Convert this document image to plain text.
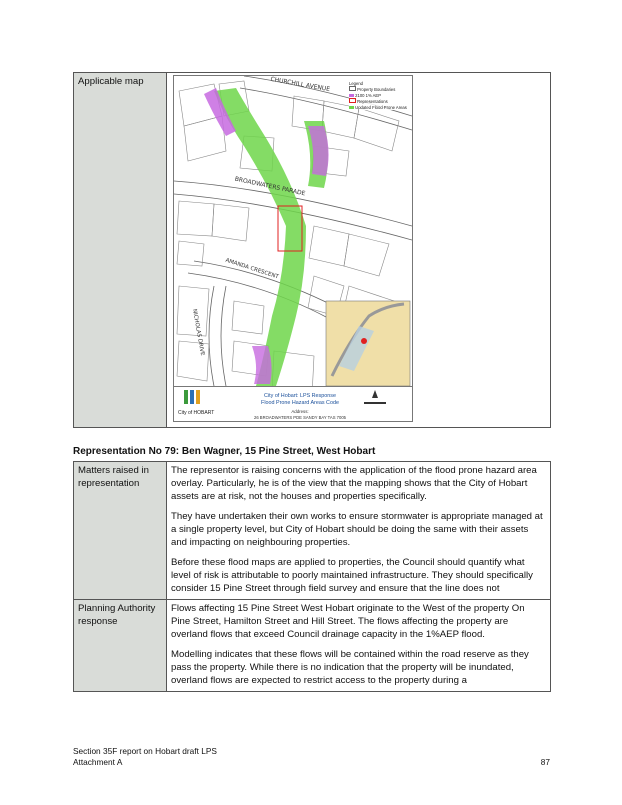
Applicable map	CHURCHILL AVENUE
BROADWATERS PARADE
AMANDA CRESCENT
NICHOLAS DRIVE
Legend
Property Boundaries
2100 1% AEP
Representations
Updated Flood Prone Areas
City of HOBART
City of Hobart: LPS Response
Flood Prone Hazard Areas Code
Address:
26 BROADWATERS PDE SANDY BAY TAS 7005
Representation No 79: Ben Wagner, 15 Pine Street, West Hobart
Matters raised in representation	The representor is raising concerns with the application of the flood prone hazard area overlay. Particularly, he is of the view that the mapping shows that the City of Hobart assets are at risk, not the houses and properties specifically.

They have undertaken their own works to ensure stormwater is appropriate managed at a single property level, but City of Hobart should be doing the same with their assets and impacting on neighbouring properties.

Before these flood maps are applied to properties, the Council should quantify what level of risk is attributable to poorly maintained infrastructure. They should specifically consider 15 Pine Street through field survey and ensure that the line does not

Planning Authority response	Flows affecting 15 Pine Street West Hobart originate to the West of the property On Pine Street, Hamilton Street and Hill Street. The flows affecting the property are overland flows that exceed Council drainage capacity in the 1%AEP flood.

Modelling indicates that these flows will be contained within the road reserve as they pass the property. While there is no indication that the property will be inundated, overland flows are expected to restrict access to the property during a

Section 35F report on Hobart draft LPS
Attachment A	87
